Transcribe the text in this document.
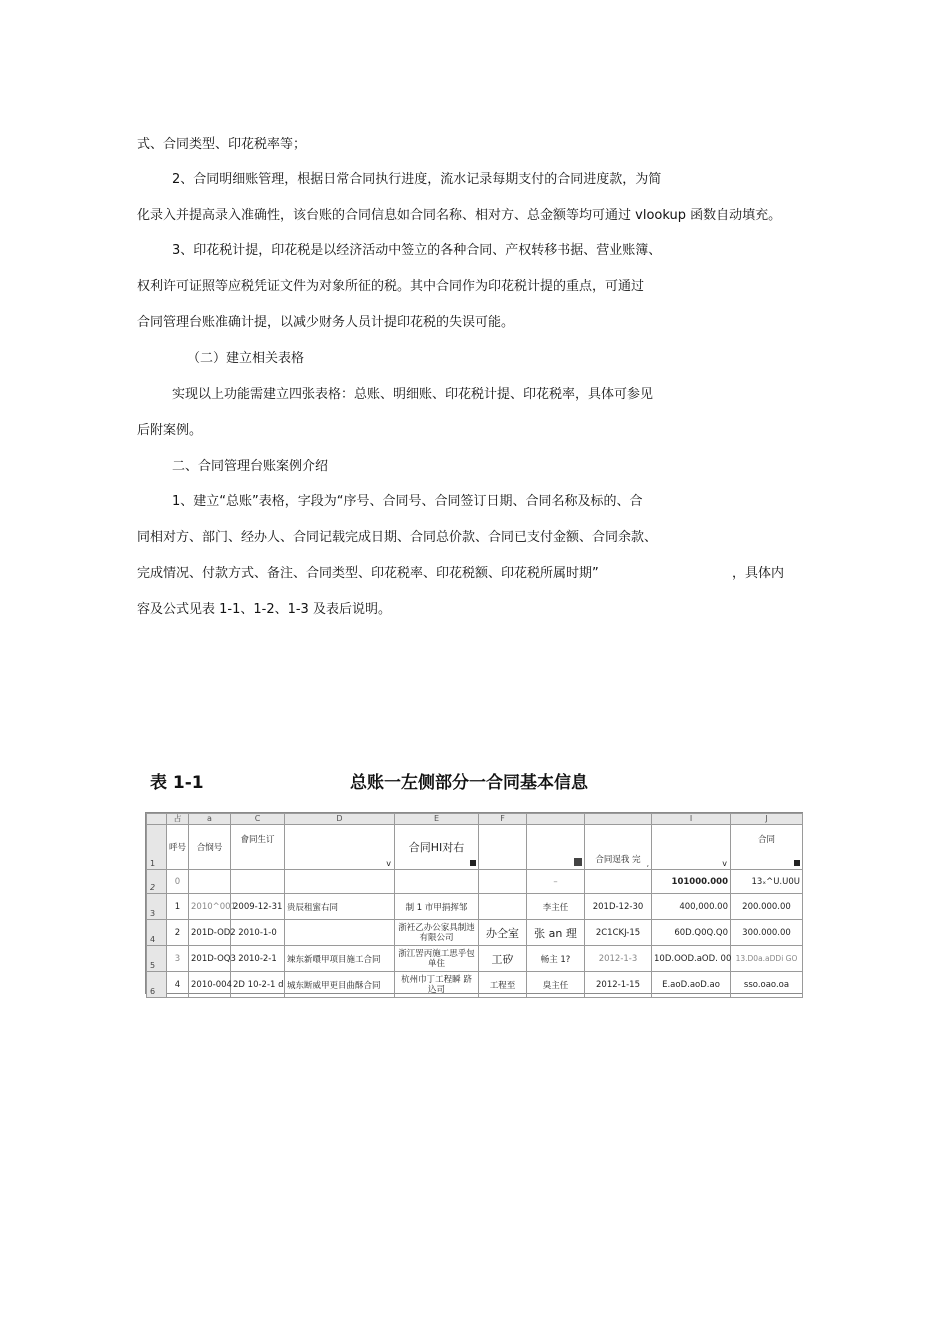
式、合同类型、印花税率等；
2、合同明细账管理，根据日常合同执行进度，流水记录每期支付的合同进度款，为简
化录入并提高录入准确性，该台账的合同信息如合同名称、相对方、总金额等均可通过 vlookup 函数自动填充。
3、印花税计提，印花税是以经济活动中签立的各种合同、产权转移书据、营业账簿、
权利许可证照等应税凭证文件为对象所征的税。其中合同作为印花税计提的重点，可通过
合同管理台账准确计提，以减少财务人员计提印花税的失误可能。
（二）建立相关表格
实现以上功能需建立四张表格：总账、明细账、印花税计提、印花税率，具体可参见
后附案例。
二、合同管理台账案例介绍
1、建立“总账”表格，字段为“序号、合同号、合同签订日期、合同名称及标的、合
同相对方、部门、经办人、合同记载完成日期、合同总价款、合同已支付金额、合同余款、
完成情况、付款方式、备注、合同类型、印花税率、印花税额、印花税所属时期”	，具体内
容及公式见表 1-1、1-2、1-3 及表后说明。
表 1-1	总账一左侧部分一合同基本信息
	占	a	C	D	E	F			I	J
1	呼号	合悯号	會同生订	v	合同HI对右			合同逞我 完 ,	v	合同

2	0						–		101000.000	13ₓ^U.U0U
3	1	2010^001	2009-12-31	贵辰租蜜右同	制 1 市甲捐挥邹		李主任	201D-12-30	400,000.00	200.000.00
4	2	201D-OD2	2010-1-0		浙衽乙办公家具制违有限公司	办仝室	张 an 理	2C1CKJ-15	60D.Q0Q.Q0	300.000.00
5	3	201D-OQ3	2010-2-1	竦东新噮甲项目施工合同	浙江罟丙施工思乎包单住	工矽	畅主 1?	2012-1-3	10D.OOD.aOD. 00	13.D0a.aDDi GO
6	4	2010-004	2D 10-2-1 d	城东断威甲更目曲酥合同	杭州巾丁工程瞬 跻込司	工程至	臭主任	2012-1-15	E.aoD.aoD.ao	sso.oao.oa
